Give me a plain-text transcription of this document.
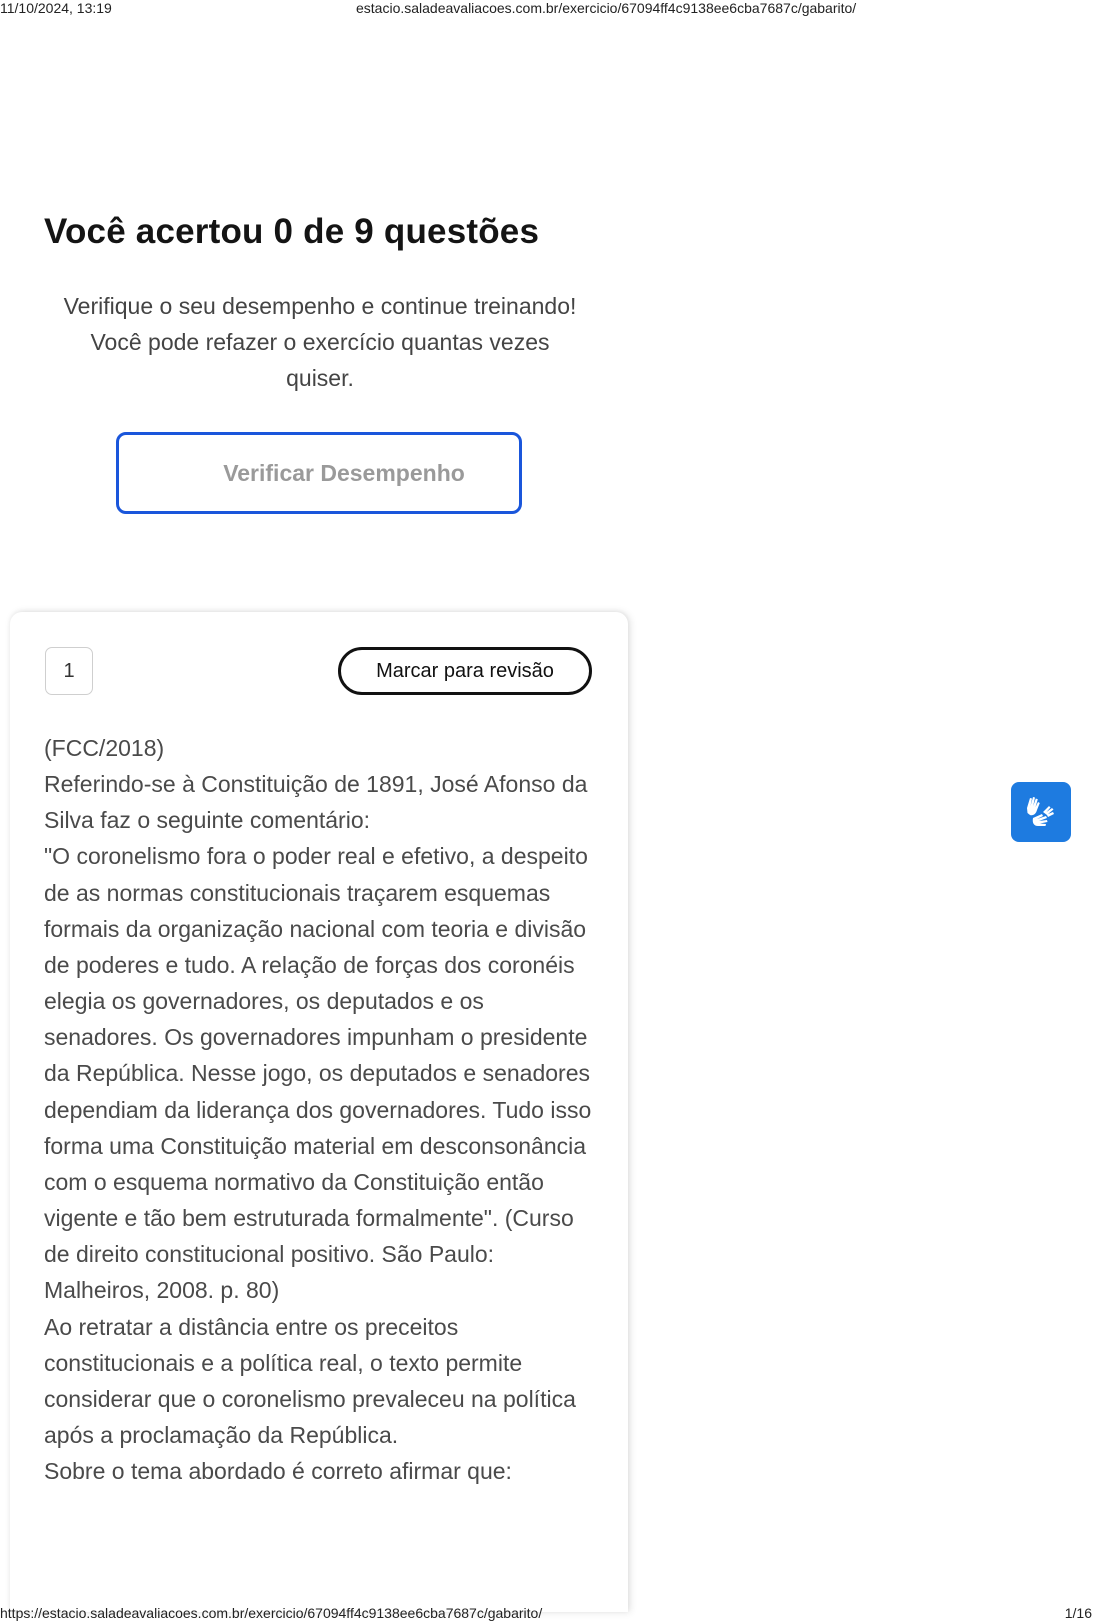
11/10/2024, 13:19	estacio.saladeavaliacoes.com.br/exercicio/67094ff4c9138ee6cba7687c/gabarito/
Você acertou 0 de 9 questões

Verifique o seu desempenho e continue treinando! Você pode refazer o exercício quantas vezes quiser.

Verificar Desempenho
1	Marcar para revisão

(FCC/2018)

Referindo-se à Constituição de 1891, José Afonso da Silva faz o seguinte comentário:

"O coronelismo fora o poder real e efetivo, a despeito de as normas constitucionais traçarem esquemas formais da organização nacional com teoria e divisão de poderes e tudo. A relação de forças dos coronéis elegia os governadores, os deputados e os senadores. Os governadores impunham o presidente da República. Nesse jogo, os deputados e senadores dependiam da liderança dos governadores. Tudo isso forma uma Constituição material em desconsonância com o esquema normativo da Constituição então vigente e tão bem estruturada formalmente". (Curso de direito constitucional positivo. São Paulo: Malheiros, 2008. p. 80)

Ao retratar a distância entre os preceitos constitucionais e a política real, o texto permite considerar que o coronelismo prevaleceu na política após a proclamação da República.

Sobre o tema abordado é correto afirmar que:

https://estacio.saladeavaliacoes.com.br/exercicio/67094ff4c9138ee6cba7687c/gabarito/	1/16
